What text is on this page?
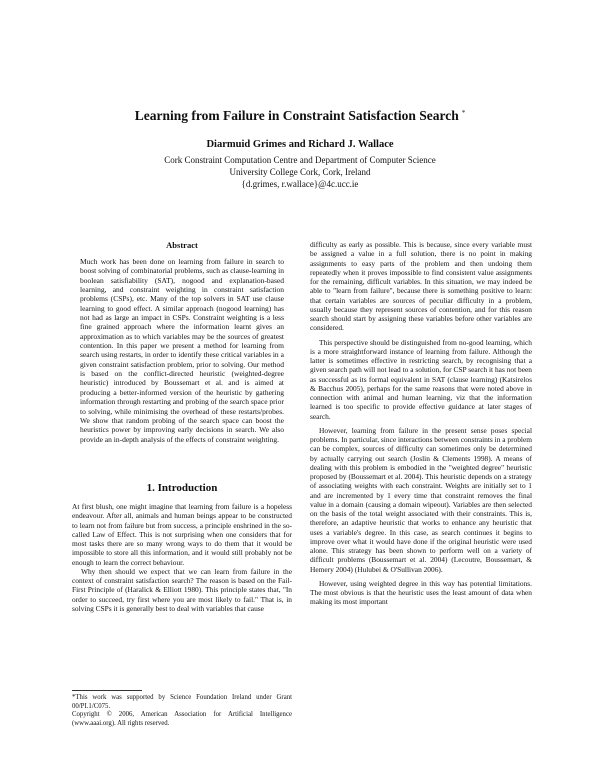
Learning from Failure in Constraint Satisfaction Search *
Diarmuid Grimes and Richard J. Wallace
Cork Constraint Computation Centre and Department of Computer Science
University College Cork, Cork, Ireland
{d.grimes, r.wallace}@4c.ucc.ie
Abstract
Much work has been done on learning from failure in search to boost solving of combinatorial problems, such as clause-learning in boolean satisfiability (SAT), nogood and explanation-based learning, and constraint weighting in constraint satisfaction problems (CSPs), etc. Many of the top solvers in SAT use clause learning to good effect. A similar approach (nogood learning) has not had as large an impact in CSPs. Constraint weighting is a less fine grained approach where the information learnt gives an approximation as to which variables may be the sources of greatest contention. In this paper we present a method for learning from search using restarts, in order to identify these critical variables in a given constraint satisfaction problem, prior to solving. Our method is based on the conflict-directed heuristic (weighted-degree heuristic) introduced by Boussemart et al. and is aimed at producing a better-informed version of the heuristic by gathering information through restarting and probing of the search space prior to solving, while minimising the overhead of these restarts/probes. We show that random probing of the search space can boost the heuristics power by improving early decisions in search. We also provide an in-depth analysis of the effects of constraint weighting.
1. Introduction

At first blush, one might imagine that learning from failure is a hopeless endeavour. After all, animals and human beings appear to be constructed to learn not from failure but from success, a principle enshrined in the so-called Law of Effect. This is not surprising when one considers that for most tasks there are so many wrong ways to do them that it would be impossible to store all this information, and it would still probably not be enough to learn the correct behaviour.

Why then should we expect that we can learn from failure in the context of constraint satisfaction search? The reason is based on the Fail-First Principle of (Haralick & Elliott 1980). This principle states that, "In order to succeed, try first where you are most likely to fail." That is, in solving CSPs it is generally best to deal with variables that cause

*This work was supported by Science Foundation Ireland under Grant 00/PI.1/C075.
Copyright © 2006, American Association for Artificial Intelligence (www.aaai.org). All rights reserved.

difficulty as early as possible. This is because, since every variable must be assigned a value in a full solution, there is no point in making assignments to easy parts of the problem and then undoing them repeatedly when it proves impossible to find consistent value assignments for the remaining, difficult variables. In this situation, we may indeed be able to "learn from failure", because there is something positive to learn: that certain variables are sources of peculiar difficulty in a problem, usually because they represent sources of contention, and for this reason search should start by assigning these variables before other variables are considered.

This perspective should be distinguished from no-good learning, which is a more straightforward instance of learning from failure. Although the latter is sometimes effective in restricting search, by recognising that a given search path will not lead to a solution, for CSP search it has not been as successful as its formal equivalent in SAT (clause learning) (Katsirelos & Bacchus 2005), perhaps for the same reasons that were noted above in connection with animal and human learning, viz that the information learned is too specific to provide effective guidance at later stages of search.

However, learning from failure in the present sense poses special problems. In particular, since interactions between constraints in a problem can be complex, sources of difficulty can sometimes only be determined by actually carrying out search (Joslin & Clements 1998). A means of dealing with this problem is embodied in the "weighted degree" heuristic proposed by (Boussemart et al. 2004). This heuristic depends on a strategy of associating weights with each constraint. Weights are initially set to 1 and are incremented by 1 every time that constraint removes the final value in a domain (causing a domain wipeout). Variables are then selected on the basis of the total weight associated with their constraints. This is, therefore, an adaptive heuristic that works to enhance any heuristic that uses a variable's degree. In this case, as search continues it begins to improve over what it would have done if the original heuristic were used alone. This strategy has been shown to perform well on a variety of difficult problems (Boussemart et al. 2004) (Lecoutre, Boussemart, & Hemery 2004) (Hulubei & O'Sullivan 2006).

However, using weighted degree in this way has potential limitations. The most obvious is that the heuristic uses the least amount of data when making its most important
